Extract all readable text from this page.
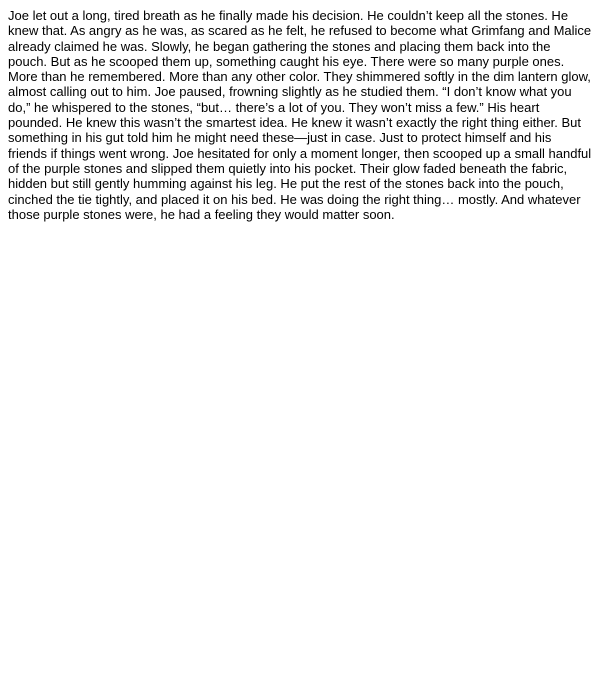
Joe let out a long, tired breath as he finally made his decision. He couldn’t keep all the stones. He knew that. As angry as he was, as scared as he felt, he refused to become what Grimfang and Malice already claimed he was. Slowly, he began gathering the stones and placing them back into the pouch. But as he scooped them up, something caught his eye. There were so many purple ones. More than he remembered. More than any other color. They shimmered softly in the dim lantern glow, almost calling out to him. Joe paused, frowning slightly as he studied them. “I don’t know what you do,” he whispered to the stones, “but… there’s a lot of you. They won’t miss a few.” His heart pounded. He knew this wasn’t the smartest idea. He knew it wasn’t exactly the right thing either. But something in his gut told him he might need these—just in case. Just to protect himself and his friends if things went wrong. Joe hesitated for only a moment longer, then scooped up a small handful of the purple stones and slipped them quietly into his pocket. Their glow faded beneath the fabric, hidden but still gently humming against his leg. He put the rest of the stones back into the pouch, cinched the tie tightly, and placed it on his bed. He was doing the right thing… mostly. And whatever those purple stones were, he had a feeling they would matter soon.
